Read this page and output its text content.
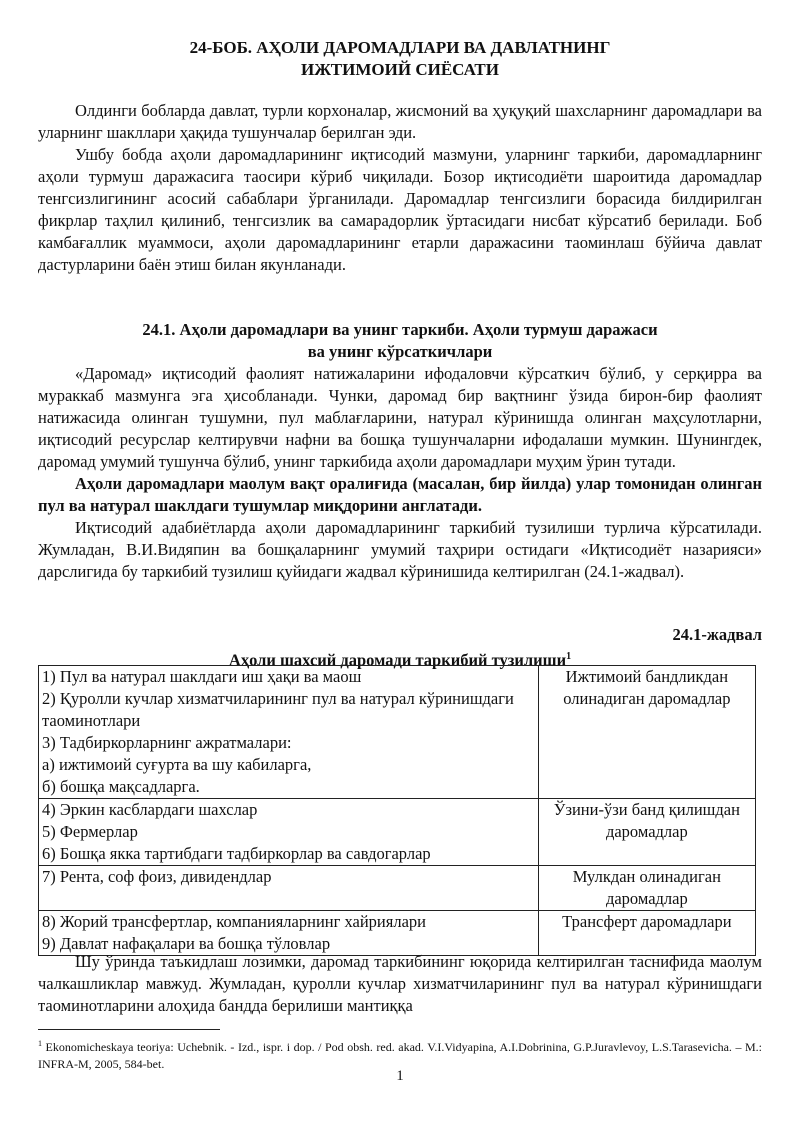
24-БОБ. АҲОЛИ ДАРОМАДЛАРИ ВА ДАВЛАТНИНГ
ИЖТИМОИЙ СИЁСАТИ

Олдинги бобларда давлат, турли корхоналар, жисмоний ва ҳуқуқий шахсларнинг даромадлари ва уларнинг шакллари ҳақида тушунчалар берилган эди.

Ушбу бобда аҳоли даромадларининг иқтисодий мазмуни, уларнинг таркиби, даромадларнинг аҳоли турмуш даражасига таосири кўриб чиқилади. Бозор иқтисодиёти шароитида даромадлар тенгсизлигининг асосий сабаблари ўрганилади. Даромадлар тенгсизлиги борасида билдирилган фикрлар таҳлил қилиниб, тенгсизлик ва самарадорлик ўртасидаги нисбат кўрсатиб берилади. Боб камбағаллик муаммоси, аҳоли даромадларининг етарли даражасини таоминлаш бўйича давлат дастурларини баён этиш билан якунланади.

24.1. Аҳоли даромадлари ва унинг таркиби. Аҳоли турмуш даражаси
ва унинг кўрсаткичлари

«Даромад» иқтисодий фаолият натижаларини ифодаловчи кўрсаткич бўлиб, у серқирра ва мураккаб мазмунга эга ҳисобланади. Чунки, даромад бир вақтнинг ўзида бирон-бир фаолият натижасида олинган тушумни, пул маблағларини, натурал кўринишда олинган маҳсулотларни, иқтисодий ресурслар келтирувчи нафни ва бошқа тушунчаларни ифодалаши мумкин. Шунингдек, даромад умумий тушунча бўлиб, унинг таркибида аҳоли даромадлари муҳим ўрин тутади.

Аҳоли даромадлари маолум вақт оралиғида (масалан, бир йилда) улар томонидан олинган пул ва натурал шаклдаги тушумлар миқдорини англатади.

Иқтисодий адабиётларда аҳоли даромадларининг таркибий тузилиши турлича кўрсатилади. Жумладан, В.И.Видяпин ва бошқаларнинг умумий таҳрири остидаги «Иқтисодиёт назарияси» дарслигида бу таркибий тузилиш қуйидаги жадвал кўринишида келтирилган (24.1-жадвал).

24.1-жадвал
Аҳоли шахсий даромади таркибий тузилиши$^1$
1) Пул ва натурал шаклдаги иш ҳақи ва маош
2) Қуролли кучлар хизматчиларининг пул ва натурал кўринишдаги таоминотлари
3) Тадбиркорларнинг ажратмалари:
а) ижтимоий суғурта ва шу кабиларга,
б) бошқа мақсадларга.	Ижтимоий бандликдан олинадиган даромадлар

4) Эркин касблардаги шахслар
5) Фермерлар
6) Бошқа якка тартибдаги тадбиркорлар ва савдогарлар	Ўзини-ўзи банд қилишдан даромадлар

7) Рента, соф фоиз, дивидендлар	Мулкдан олинадиган даромадлар

8) Жорий трансфертлар, компанияларнинг хайриялари
9) Давлат нафақалари ва бошқа тўловлар	Трансферт даромадлари

Шу ўринда таъкидлаш лозимки, даромад таркибининг юқорида келтирилган таснифида маолум чалкашликлар мавжуд. Жумладан, қуролли кучлар хизматчиларининг пул ва натурал кўринишдаги таоминотларини алоҳида бандда берилиши мантиққа

$^1$ Ekonomicheskaya teoriya: Uchebnik. - Izd., ispr. i dop. / Pod obsh. red. akad. V.I.Vidyapina, A.I.Dobrinina, G.P.Juravlevoy, L.S.Tarasevicha. – M.: INFRA-M, 2005, 584-bet.
1
